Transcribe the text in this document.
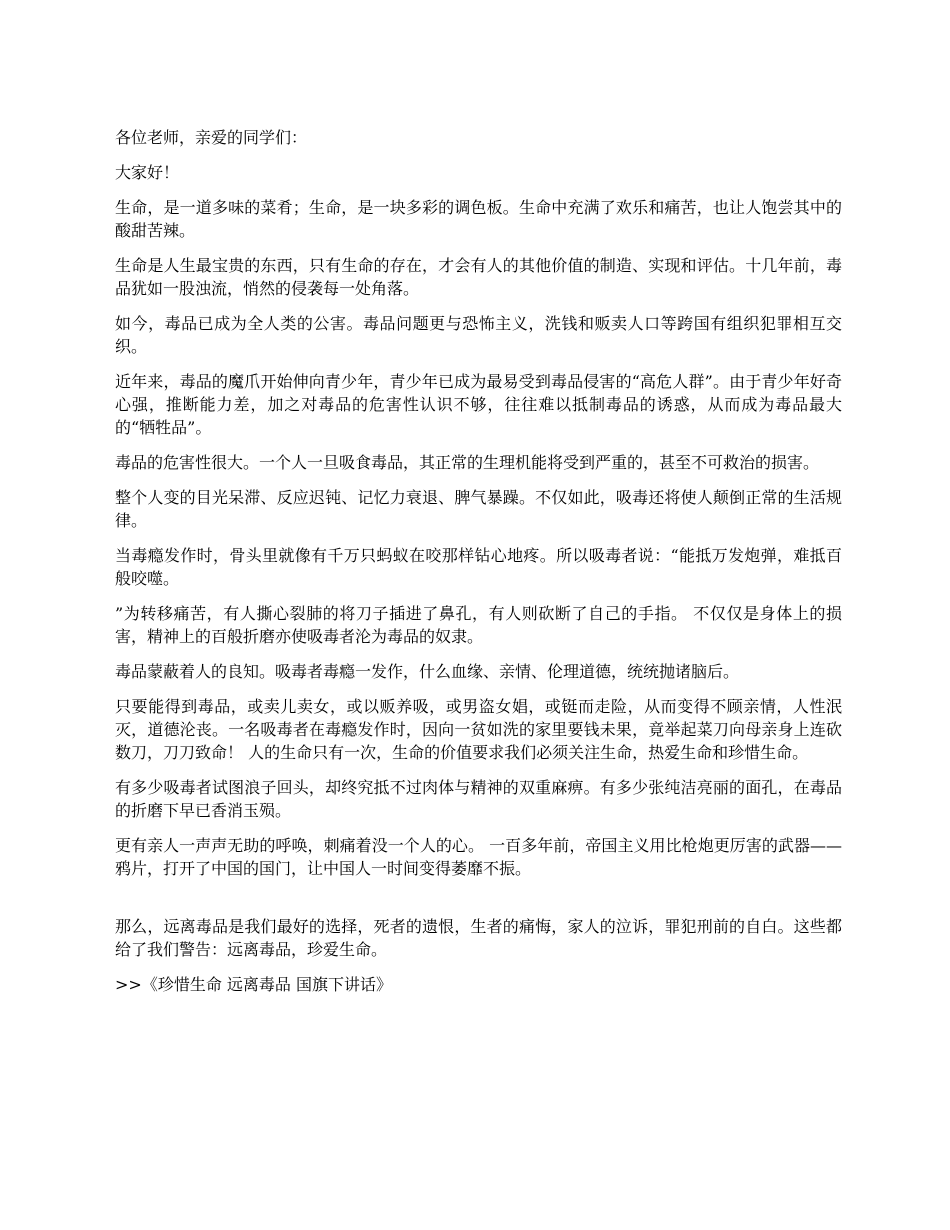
各位老师，亲爱的同学们：

大家好！

生命，是一道多味的菜肴；生命，是一块多彩的调色板。生命中充满了欢乐和痛苦，也让人饱尝其中的酸甜苦辣。

生命是人生最宝贵的东西，只有生命的存在，才会有人的其他价值的制造、实现和评估。十几年前，毒品犹如一股浊流，悄然的侵袭每一处角落。

如今，毒品已成为全人类的公害。毒品问题更与恐怖主义，洗钱和贩卖人口等跨国有组织犯罪相互交织。

近年来，毒品的魔爪开始伸向青少年，青少年已成为最易受到毒品侵害的“高危人群”。由于青少年好奇心强，推断能力差，加之对毒品的危害性认识不够，往往难以抵制毒品的诱惑，从而成为毒品最大的“牺牲品”。

毒品的危害性很大。一个人一旦吸食毒品，其正常的生理机能将受到严重的，甚至不可救治的损害。

整个人变的目光呆滞、反应迟钝、记忆力衰退、脾气暴躁。不仅如此，吸毒还将使人颠倒正常的生活规律。

当毒瘾发作时，骨头里就像有千万只蚂蚁在咬那样钻心地疼。所以吸毒者说：“能抵万发炮弹，难抵百般咬噬。

”为转移痛苦，有人撕心裂肺的将刀子插进了鼻孔，有人则砍断了自己的手指。 不仅仅是身体上的损害，精神上的百般折磨亦使吸毒者沦为毒品的奴隶。

毒品蒙蔽着人的良知。吸毒者毒瘾一发作，什么血缘、亲情、伦理道德，统统抛诸脑后。

只要能得到毒品，或卖儿卖女，或以贩养吸，或男盗女娼，或铤而走险，从而变得不顾亲情，人性泯灭，道德沦丧。一名吸毒者在毒瘾发作时，因向一贫如洗的家里要钱未果，竟举起菜刀向母亲身上连砍数刀，刀刀致命！ 人的生命只有一次，生命的价值要求我们必须关注生命，热爱生命和珍惜生命。

有多少吸毒者试图浪子回头，却终究抵不过肉体与精神的双重麻痹。有多少张纯洁亮丽的面孔，在毒品的折磨下早已香消玉殒。

更有亲人一声声无助的呼唤，刺痛着没一个人的心。 一百多年前，帝国主义用比枪炮更厉害的武器——鸦片，打开了中国的国门，让中国人一时间变得萎靡不振。

那么，远离毒品是我们最好的选择，死者的遗恨，生者的痛悔，家人的泣诉，罪犯刑前的自白。这些都给了我们警告：远离毒品，珍爱生命。

>>《珍惜生命 远离毒品 国旗下讲话》
